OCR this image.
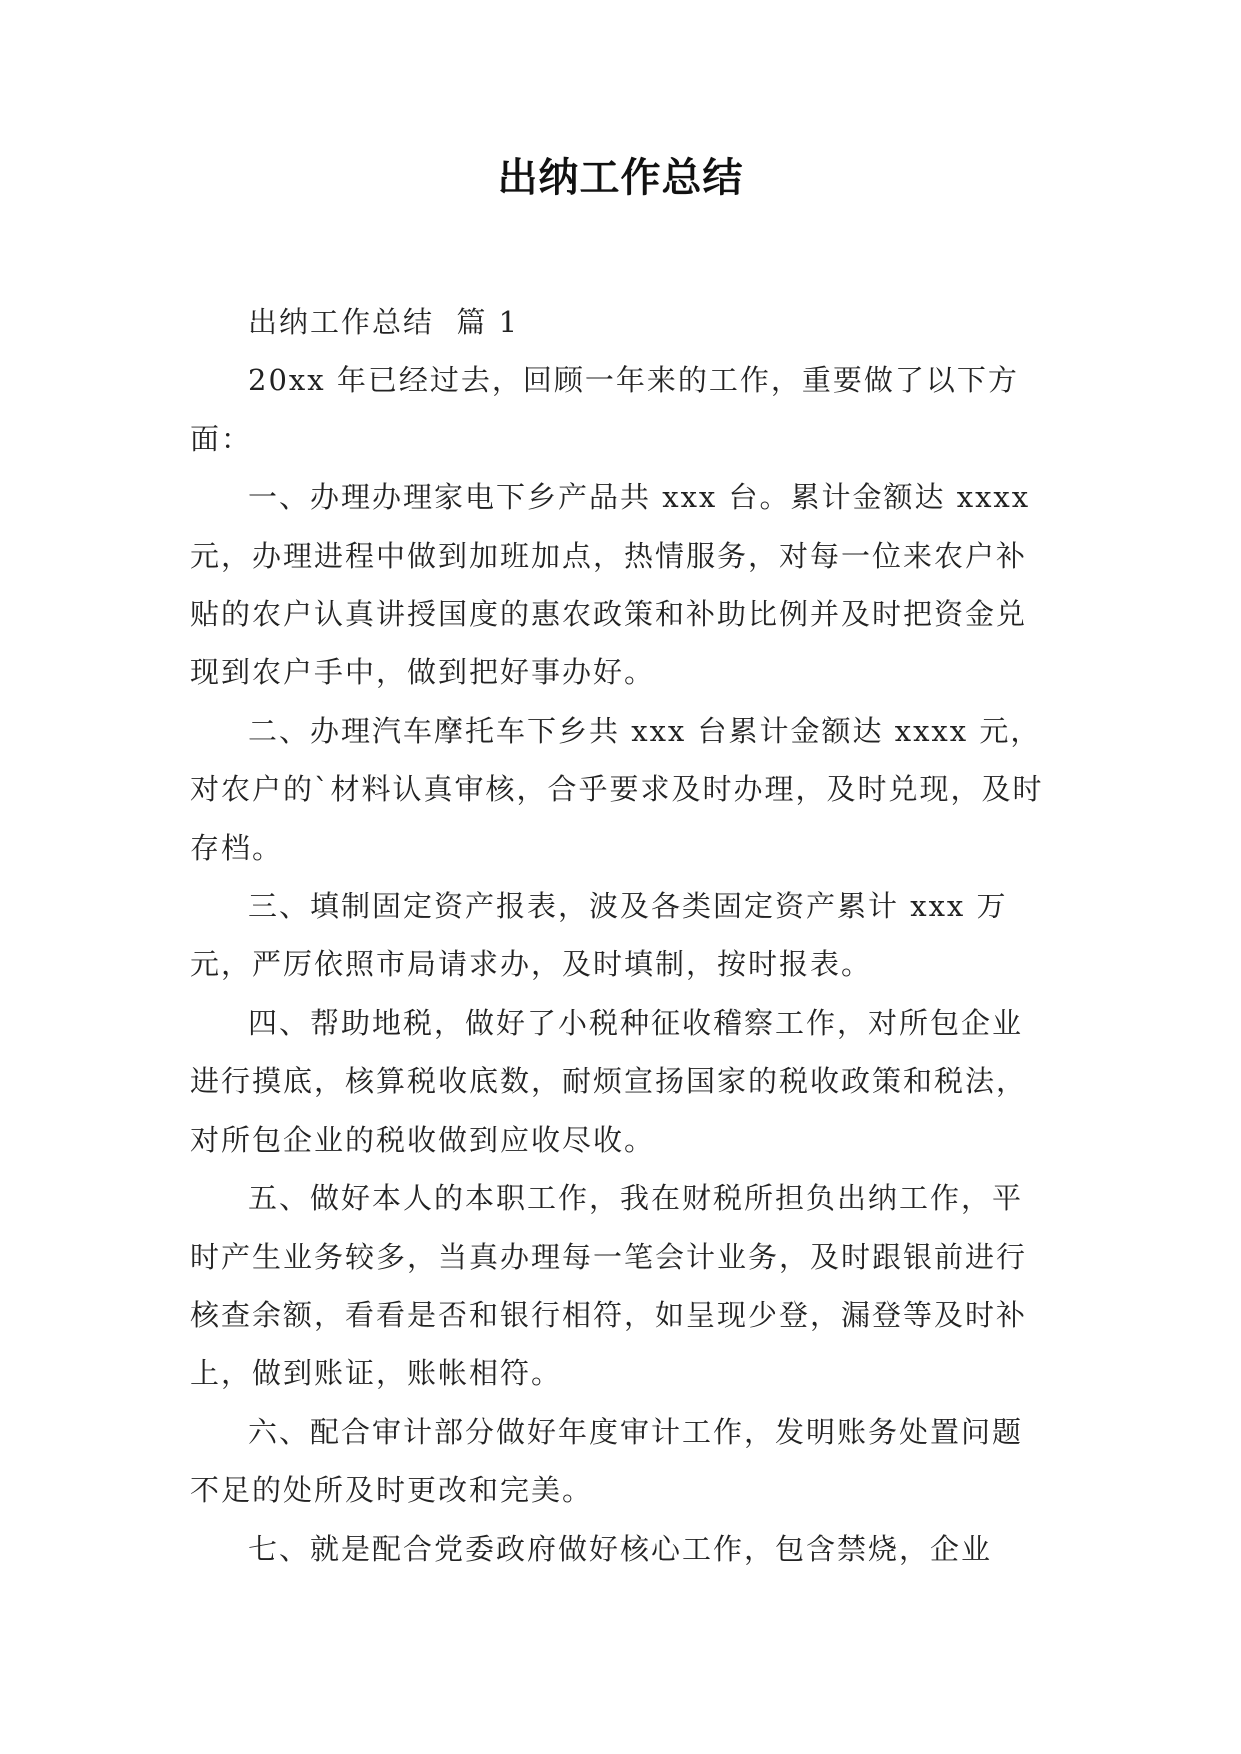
出纳工作总结

出纳工作总结  篇 1

20xx 年已经过去，回顾一年来的工作，重要做了以下方面：

一、办理办理家电下乡产品共 xxx 台。累计金额达 xxxx 元，办理进程中做到加班加点，热情服务，对每一位来农户补贴的农户认真讲授国度的惠农政策和补助比例并及时把资金兑现到农户手中，做到把好事办好。

二、办理汽车摩托车下乡共 xxx 台累计金额达 xxxx 元，对农户的`材料认真审核，合乎要求及时办理，及时兑现，及时存档。

三、填制固定资产报表，波及各类固定资产累计 xxx 万元，严厉依照市局请求办，及时填制，按时报表。

四、帮助地税，做好了小税种征收稽察工作，对所包企业进行摸底，核算税收底数，耐烦宣扬国家的税收政策和税法，对所包企业的税收做到应收尽收。

五、做好本人的本职工作，我在财税所担负出纳工作，平时产生业务较多，当真办理每一笔会计业务，及时跟银前进行核查余额，看看是否和银行相符，如呈现少登，漏登等及时补上，做到账证，账帐相符。

六、配合审计部分做好年度审计工作，发明账务处置问题不足的处所及时更改和完美。

七、就是配合党委政府做好核心工作，包含禁烧，企业
